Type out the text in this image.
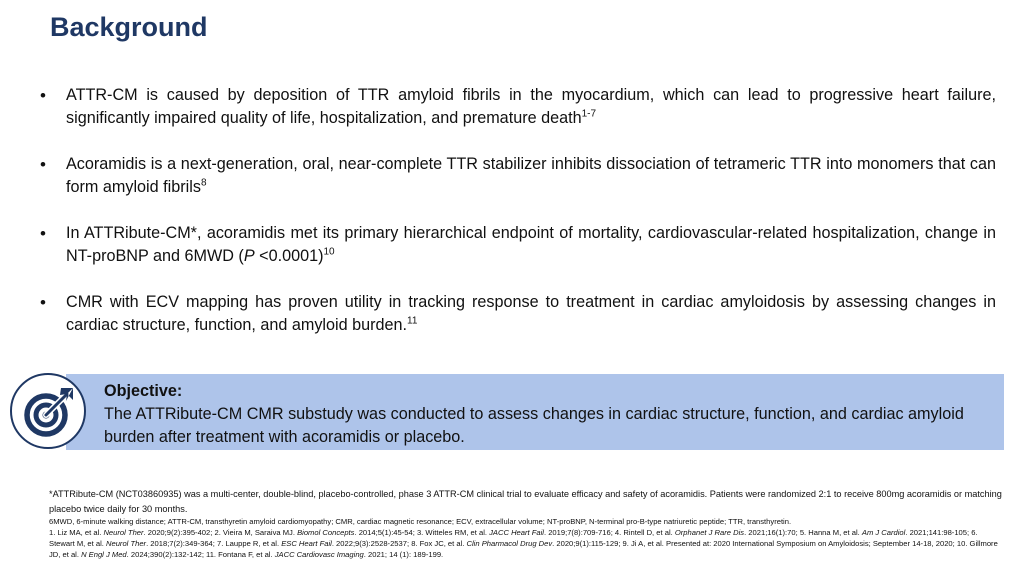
Background
• ATTR-CM is caused by deposition of TTR amyloid fibrils in the myocardium, which can lead to progressive heart failure, significantly impaired quality of life, hospitalization, and premature death$^{1-7}$
• Acoramidis is a next-generation, oral, near-complete TTR stabilizer inhibits dissociation of tetrameric TTR into monomers that can form amyloid fibrils$^8$
• In ATTRibute-CM*, acoramidis met its primary hierarchical endpoint of mortality, cardiovascular-related hospitalization, change in NT-proBNP and 6MWD (P <0.0001)$^{10}$
• CMR with ECV mapping has proven utility in tracking response to treatment in cardiac amyloidosis by assessing changes in cardiac structure, function, and amyloid burden.$^{11}$
Objective:
The ATTRibute-CM CMR substudy was conducted to assess changes in cardiac structure, function, and cardiac amyloid burden after treatment with acoramidis or placebo.

*ATTRibute-CM (NCT03860935) was a multi-center, double-blind, placebo-controlled, phase 3 ATTR-CM clinical trial to evaluate efficacy and safety of acoramidis. Patients were randomized 2:1 to receive 800mg acoramidis or matching placebo twice daily for 30 months.

6MWD, 6-minute walking distance; ATTR-CM, transthyretin amyloid cardiomyopathy; CMR, cardiac magnetic resonance; ECV, extracellular volume; NT-proBNP, N-terminal pro-B-type natriuretic peptide; TTR, transthyretin.
1. Liz MA, et al. Neurol Ther. 2020;9(2):395-402; 2. Vieira M, Saraiva MJ. Biomol Concepts. 2014;5(1):45-54; 3. Witteles RM, et al. JACC Heart Fail. 2019;7(8):709-716; 4. Rintell D, et al. Orphanet J Rare Dis. 2021;16(1):70; 5. Hanna M, et al. Am J Cardiol. 2021;141:98-105; 6. Stewart M, et al. Neurol Ther. 2018;7(2):349-364; 7. Lauppe R, et al. ESC Heart Fail. 2022;9(3):2528-2537; 8. Fox JC, et al. Clin Pharmacol Drug Dev. 2020;9(1):115-129; 9. Ji A, et al. Presented at: 2020 International Symposium on Amyloidosis; September 14-18, 2020; 10. Gillmore JD, et al. N Engl J Med. 2024;390(2):132-142; 11. Fontana F, et al. JACC Cardiovasc Imaging. 2021; 14 (1): 189-199.
